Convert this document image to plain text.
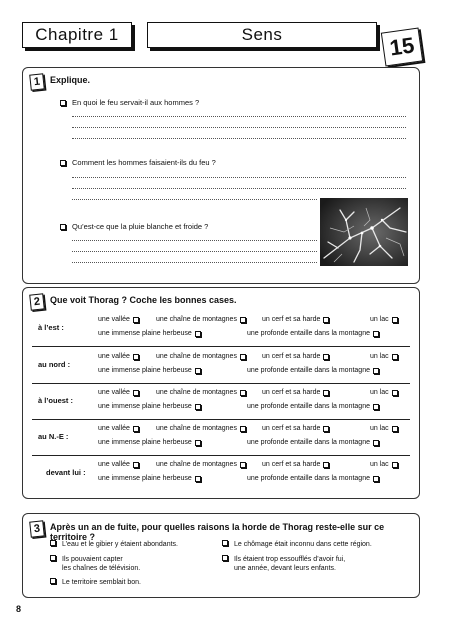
Chapitre 1	Sens	15
1 Explique.
En quoi le feu servait-il aux hommes ?
Comment les hommes faisaient-ils du feu ?
Qu’est-ce que la pluie blanche et froide ?
2 Que voit Thorag ? Coche les bonnes cases.
à l’est :
une vallée	une chaîne de montagnes	un cerf et sa harde	un lac
une immense plaine herbeuse	une profonde entaille dans la montagne
au nord :
une vallée	une chaîne de montagnes	un cerf et sa harde	un lac
une immense plaine herbeuse	une profonde entaille dans la montagne
à l’ouest :
une vallée	une chaîne de montagnes	un cerf et sa harde	un lac
une immense plaine herbeuse	une profonde entaille dans la montagne
au N.-E :
une vallée	une chaîne de montagnes	un cerf et sa harde	un lac
une immense plaine herbeuse	une profonde entaille dans la montagne
devant lui :
une vallée	une chaîne de montagnes	un cerf et sa harde	un lac
une immense plaine herbeuse	une profonde entaille dans la montagne
3 Après un an de fuite, pour quelles raisons la horde de Thorag reste-elle sur ce territoire ?
L’eau et le gibier y étaient abondants.	Le chômage était inconnu dans cette région.
Ils pouvaient capter
les chaînes de télévision.
Ils étaient trop essoufflés d’avoir fui,
une année, devant leurs enfants.
Le territoire semblait bon.
8
